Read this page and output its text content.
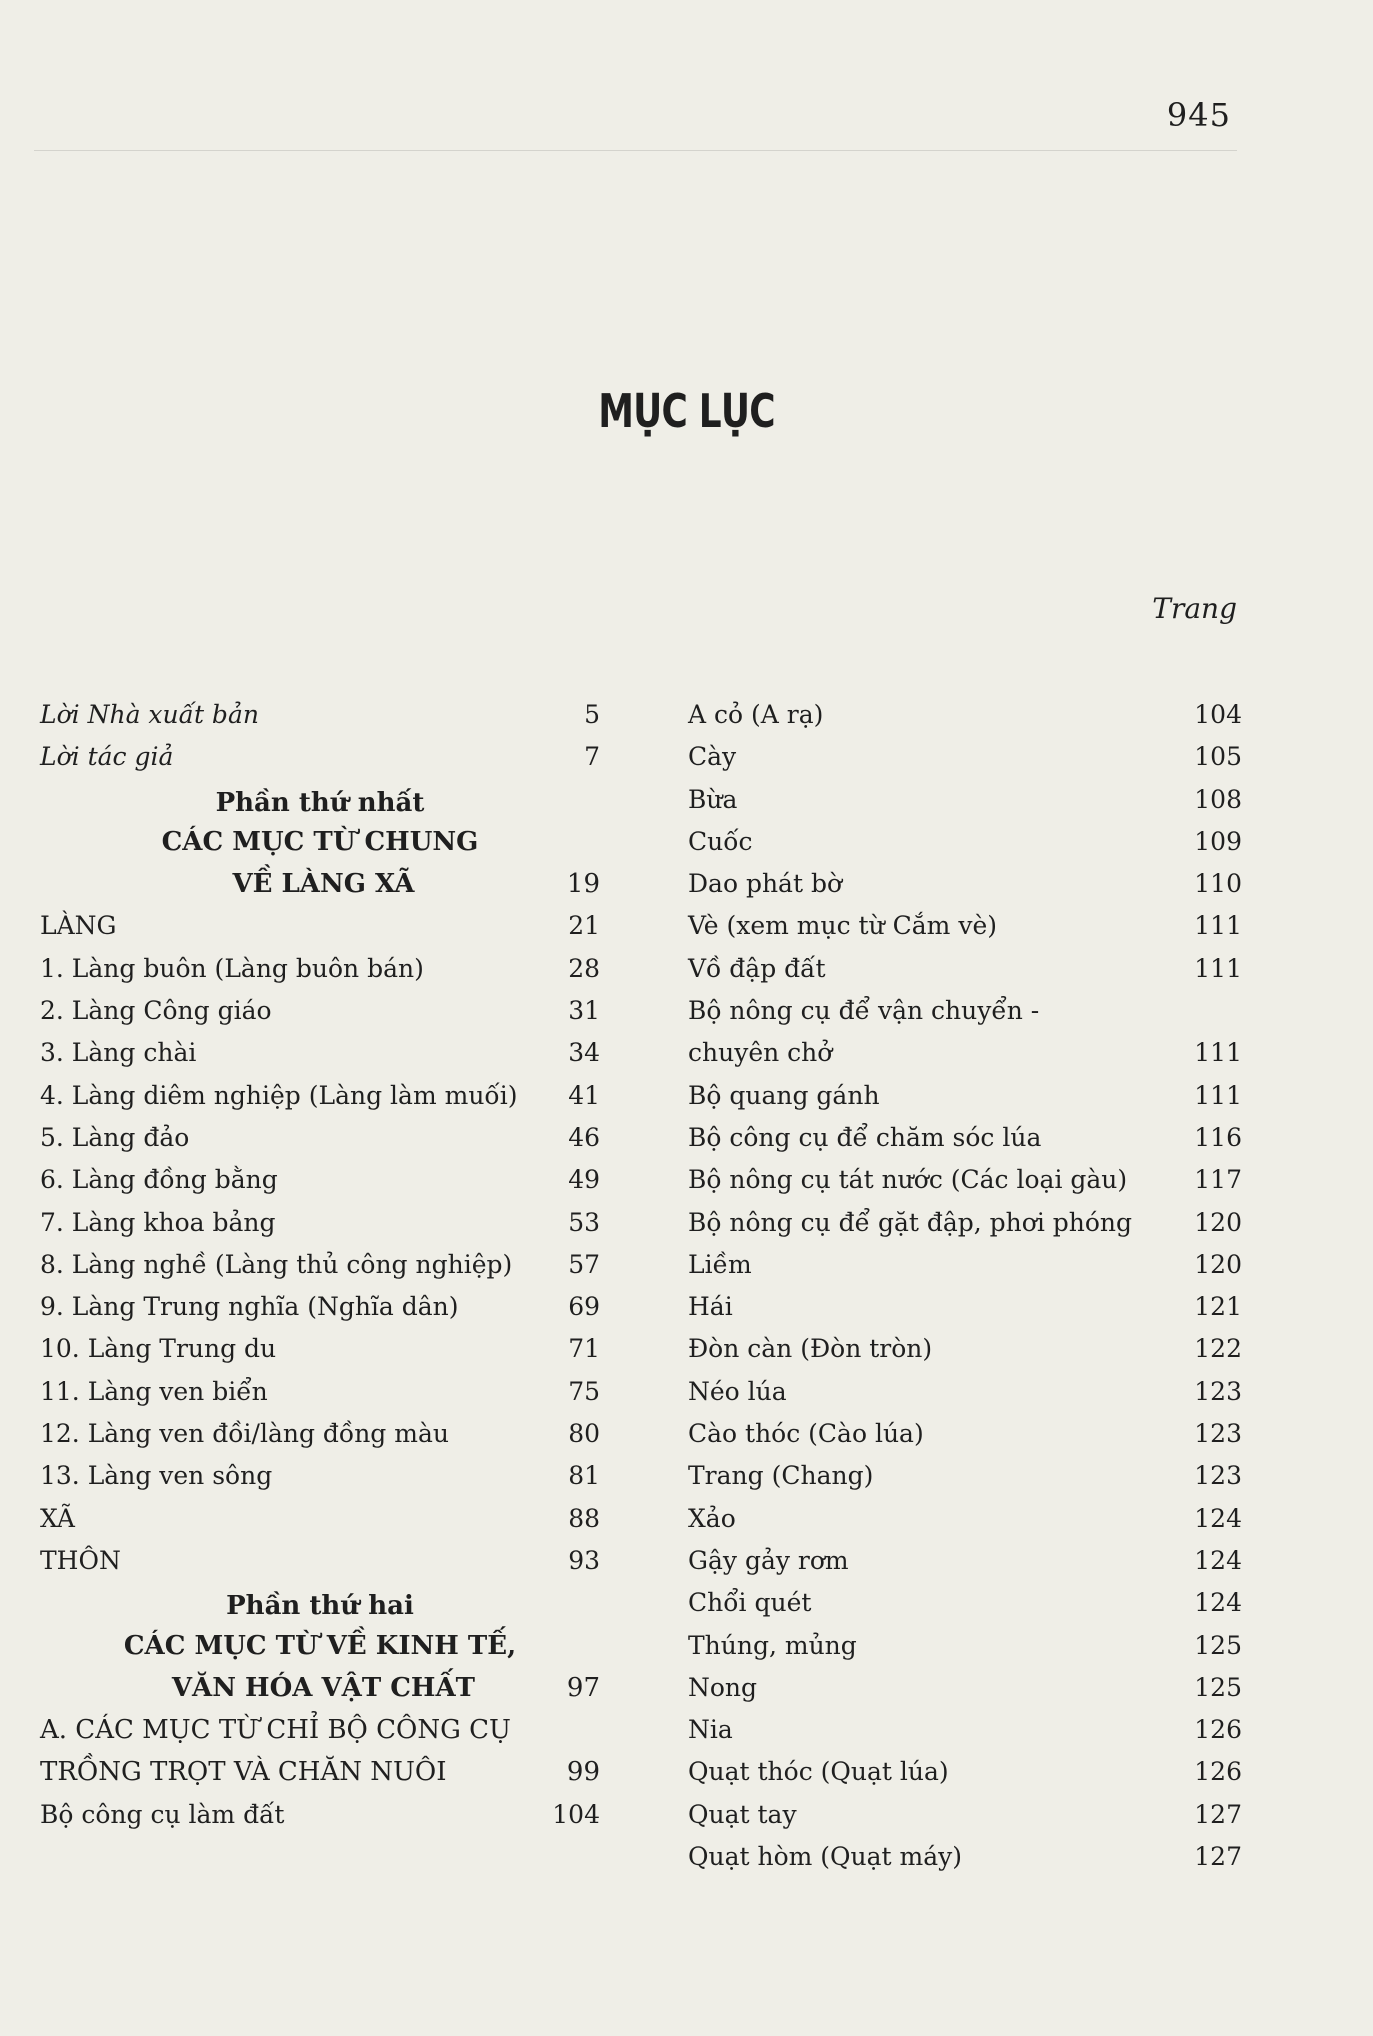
945
MỤC LỤC
Trang
Lời Nhà xuất bản	5
Lời tác giả	7
Phần thứ nhất
CÁC MỤC TỪ CHUNG
VỀ LÀNG XÃ	19
LÀNG	21
1. Làng buôn (Làng buôn bán)	28
2. Làng Công giáo	31
3. Làng chài	34
4. Làng diêm nghiệp (Làng làm muối)	41
5. Làng đảo	46
6. Làng đồng bằng	49
7. Làng khoa bảng	53
8. Làng nghề (Làng thủ công nghiệp)	57
9. Làng Trung nghĩa (Nghĩa dân)	69
10. Làng Trung du	71
11. Làng ven biển	75
12. Làng ven đồi/làng đồng màu	80
13. Làng ven sông	81
XÃ	88
THÔN	93
Phần thứ hai
CÁC MỤC TỪ VỀ KINH TẾ,
VĂN HÓA VẬT CHẤT	97
A. CÁC MỤC TỪ CHỈ BỘ CÔNG CỤ
TRỒNG TRỌT VÀ CHĂN NUÔI	99
Bộ công cụ làm đất	104
A cỏ (A rạ)	104
Cày	105
Bừa	108
Cuốc	109
Dao phát bờ	110
Vè (xem mục từ Cắm vè)	111
Vồ đập đất	111
Bộ nông cụ để vận chuyển -
chuyên chở	111
Bộ quang gánh	111
Bộ công cụ để chăm sóc lúa	116
Bộ nông cụ tát nước (Các loại gàu)	117
Bộ nông cụ để gặt đập, phơi phóng 120
Liềm	120
Hái	121
Đòn càn (Đòn tròn)	122
Néo lúa	123
Cào thóc (Cào lúa)	123
Trang (Chang)	123
Xảo	124
Gậy gảy rơm	124
Chổi quét	124
Thúng, mủng	125
Nong	125
Nia	126
Quạt thóc (Quạt lúa)	126
Quạt tay	127
Quạt hòm (Quạt máy)	127
